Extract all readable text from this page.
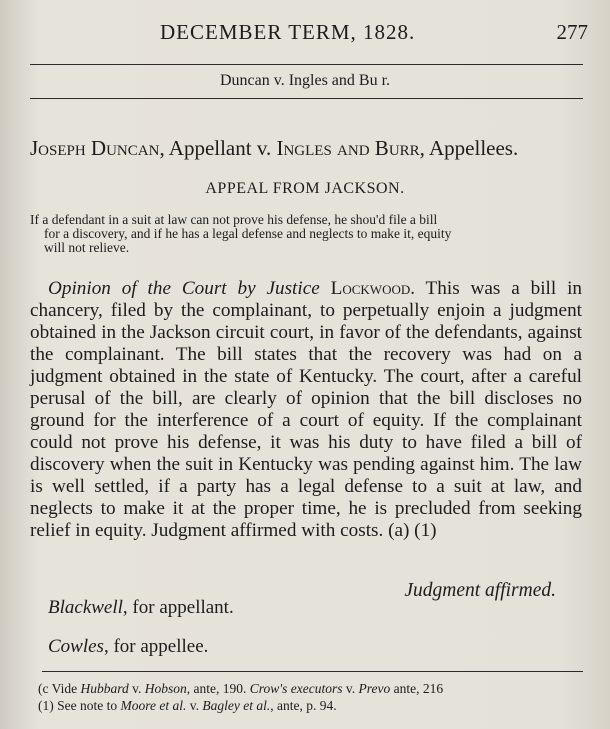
DECEMBER TERM, 1828.	277
Duncan v. Ingles and Bu r.
Joseph Duncan, Appellant v. Ingles and Burr, Appellees.
APPEAL FROM JACKSON.
If a defendant in a suit at law can not prove his defense, he shou'd file a bill
for a discovery, and if he has a legal defense and neglects to make it, equity
will not relieve.

Opinion of the Court by Justice Lockwood. This was a bill in chancery, filed by the complainant, to perpetually enjoin a judgment obtained in the Jackson circuit court, in favor of the defendants, against the complainant. The bill states that the recovery was had on a judgment obtained in the state of Kentucky. The court, after a careful perusal of the bill, are clearly of opinion that the bill discloses no ground for the interference of a court of equity. If the complainant could not prove his defense, it was his duty to have filed a bill of discovery when the suit in Kentucky was pending against him. The law is well settled, if a party has a legal defense to a suit at law, and neglects to make it at the proper time, he is precluded from seeking relief in equity. Judgment affirmed with costs. (a) (1)

Judgment affirmed.
Blackwell, for appellant.
Cowles, for appellee.
(c Vide Hubbard v. Hobson, ante, 190. Crow's executors v. Prevo ante, 216
(1) See note to Moore et al. v. Bagley et al., ante, p. 94.
